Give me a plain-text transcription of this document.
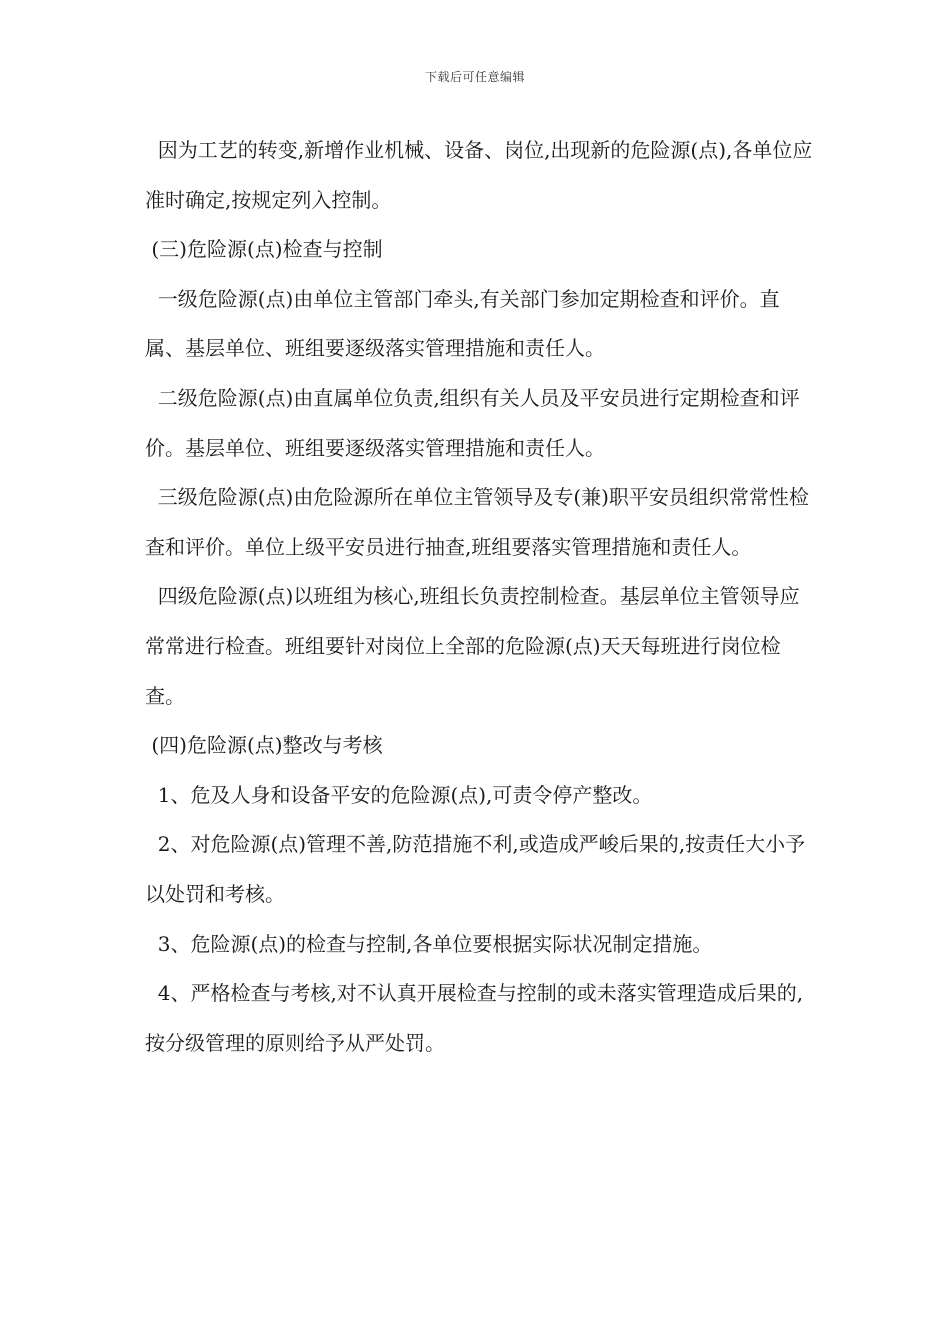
下载后可任意编辑

因为工艺的转变,新增作业机械、设备、岗位,出现新的危险源(点),各单位应准时确定,按规定列入控制。

(三)危险源(点)检查与控制

一级危险源(点)由单位主管部门牵头,有关部门参加定期检查和评价。直属、基层单位、班组要逐级落实管理措施和责任人。

二级危险源(点)由直属单位负责,组织有关人员及平安员进行定期检查和评价。基层单位、班组要逐级落实管理措施和责任人。

三级危险源(点)由危险源所在单位主管领导及专(兼)职平安员组织常常性检查和评价。单位上级平安员进行抽查,班组要落实管理措施和责任人。

四级危险源(点)以班组为核心,班组长负责控制检查。基层单位主管领导应常常进行检查。班组要针对岗位上全部的危险源(点)天天每班进行岗位检查。

(四)危险源(点)整改与考核

1、危及人身和设备平安的危险源(点),可责令停产整改。

2、对危险源(点)管理不善,防范措施不利,或造成严峻后果的,按责任大小予以处罚和考核。

3、危险源(点)的检查与控制,各单位要根据实际状况制定措施。

4、严格检查与考核,对不认真开展检查与控制的或未落实管理造成后果的,按分级管理的原则给予从严处罚。
